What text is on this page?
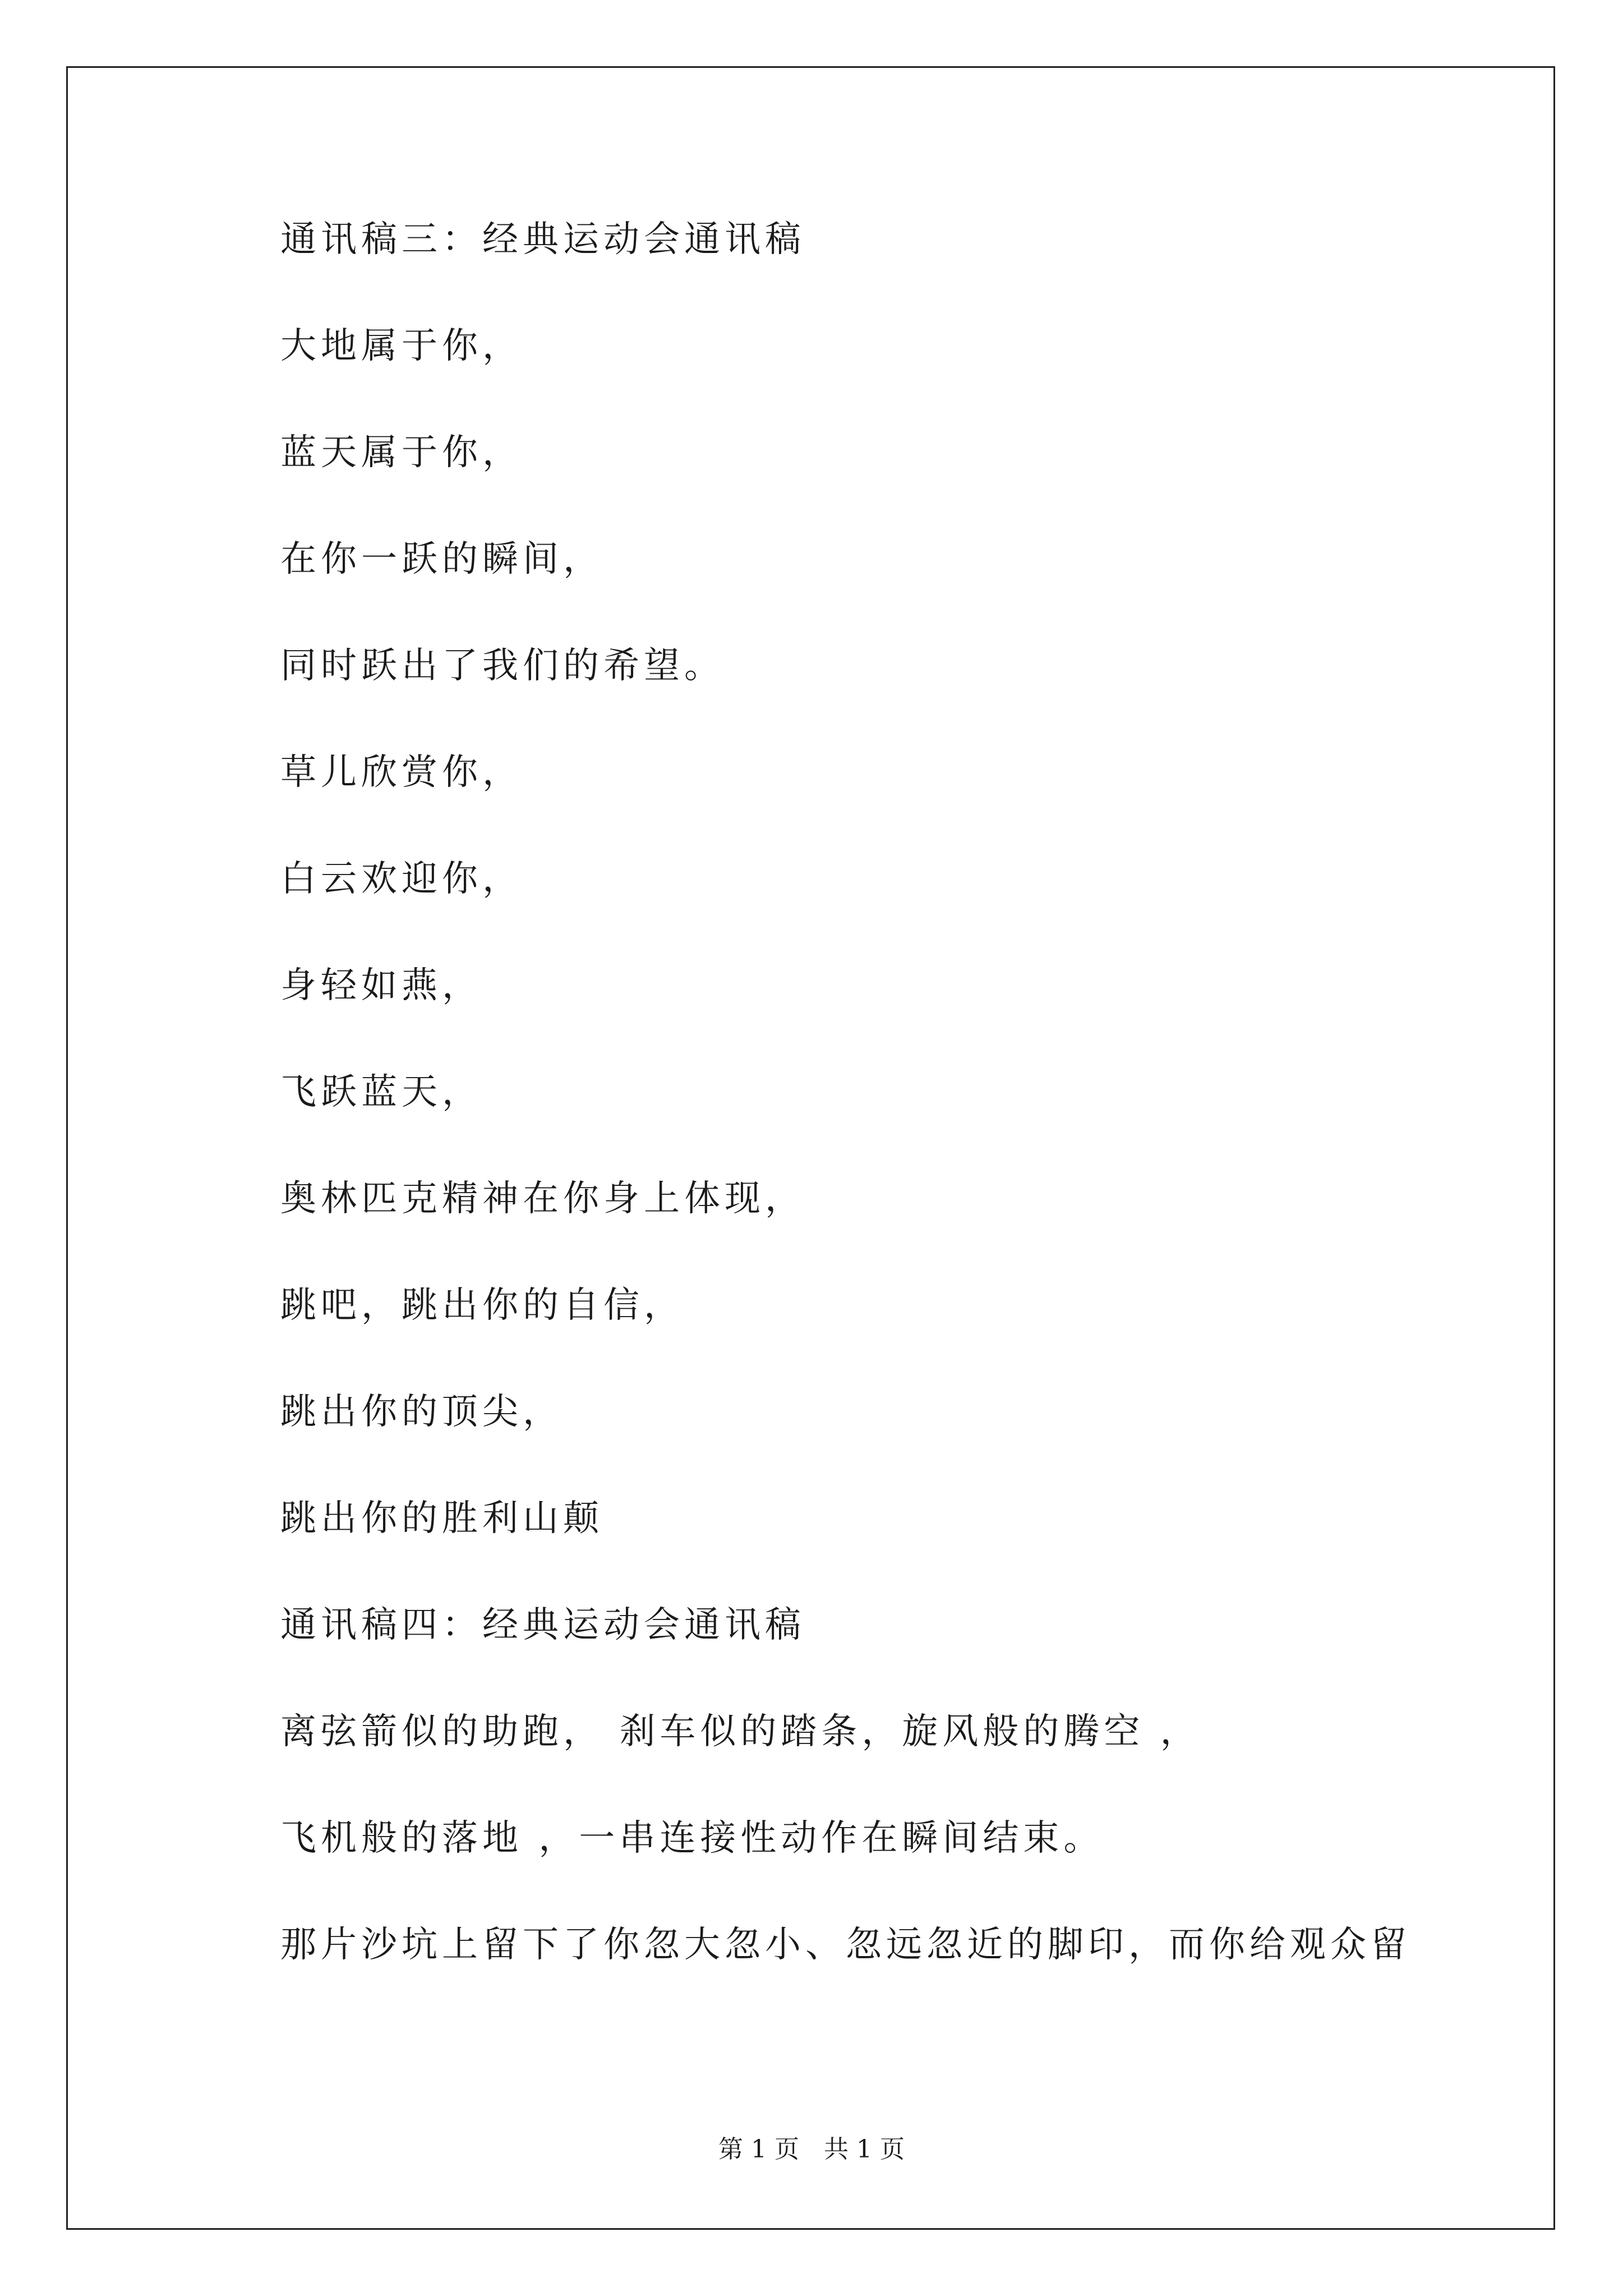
通讯稿三：经典运动会通讯稿
大地属于你，
蓝天属于你，
在你一跃的瞬间，
同时跃出了我们的希望。
草儿欣赏你，
白云欢迎你，
身轻如燕，
飞跃蓝天，
奥林匹克精神在你身上体现，
跳吧，跳出你的自信，
跳出你的顶尖，
跳出你的胜利山颠
通讯稿四：经典运动会通讯稿
离弦箭似的助跑， 刹车似的踏条，旋风般的腾空 ，
飞机般的落地 ，一串连接性动作在瞬间结束。
那片沙坑上留下了你忽大忽小、忽远忽近的脚印，而你给观众留
第 1 页　共 1 页
